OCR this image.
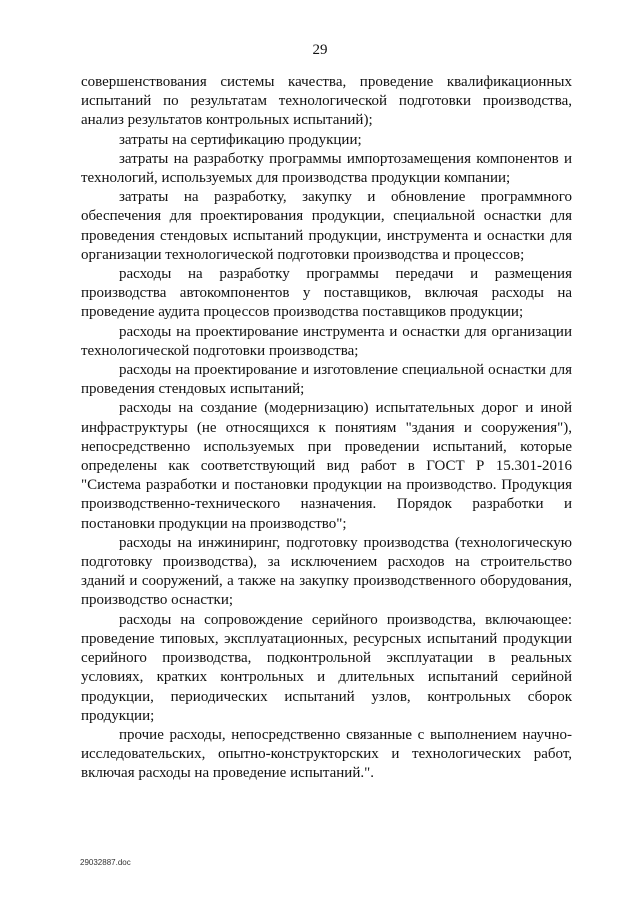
29

совершенствования системы качества, проведение квалификационных испытаний по результатам технологической подготовки производства, анализ результатов контрольных испытаний);

затраты на сертификацию продукции;

затраты на разработку программы импортозамещения компонентов и технологий, используемых для производства продукции компании;

затраты на разработку, закупку и обновление программного обеспечения для проектирования продукции, специальной оснастки для проведения стендовых испытаний продукции, инструмента и оснастки для организации технологической подготовки производства и процессов;

расходы на разработку программы передачи и размещения производства автокомпонентов у поставщиков, включая расходы на проведение аудита процессов производства поставщиков продукции;

расходы на проектирование инструмента и оснастки для организации технологической подготовки производства;

расходы на проектирование и изготовление специальной оснастки для проведения стендовых испытаний;

расходы на создание (модернизацию) испытательных дорог и иной инфраструктуры (не относящихся к понятиям "здания и сооружения"), непосредственно используемых при проведении испытаний, которые определены как соответствующий вид работ в ГОСТ Р 15.301-2016 "Система разработки и постановки продукции на производство. Продукция производственно-технического назначения. Порядок разработки и постановки продукции на производство";

расходы на инжиниринг, подготовку производства (технологическую подготовку производства), за исключением расходов на строительство зданий и сооружений, а также на закупку производственного оборудования, производство оснастки;

расходы на сопровождение серийного производства, включающее: проведение типовых, эксплуатационных, ресурсных испытаний продукции серийного производства, подконтрольной эксплуатации в реальных условиях, кратких контрольных и длительных испытаний серийной продукции, периодических испытаний узлов, контрольных сборок продукции;

прочие расходы, непосредственно связанные с выполнением научно-исследовательских, опытно-конструкторских и технологических работ, включая расходы на проведение испытаний.".

29032887.doc
